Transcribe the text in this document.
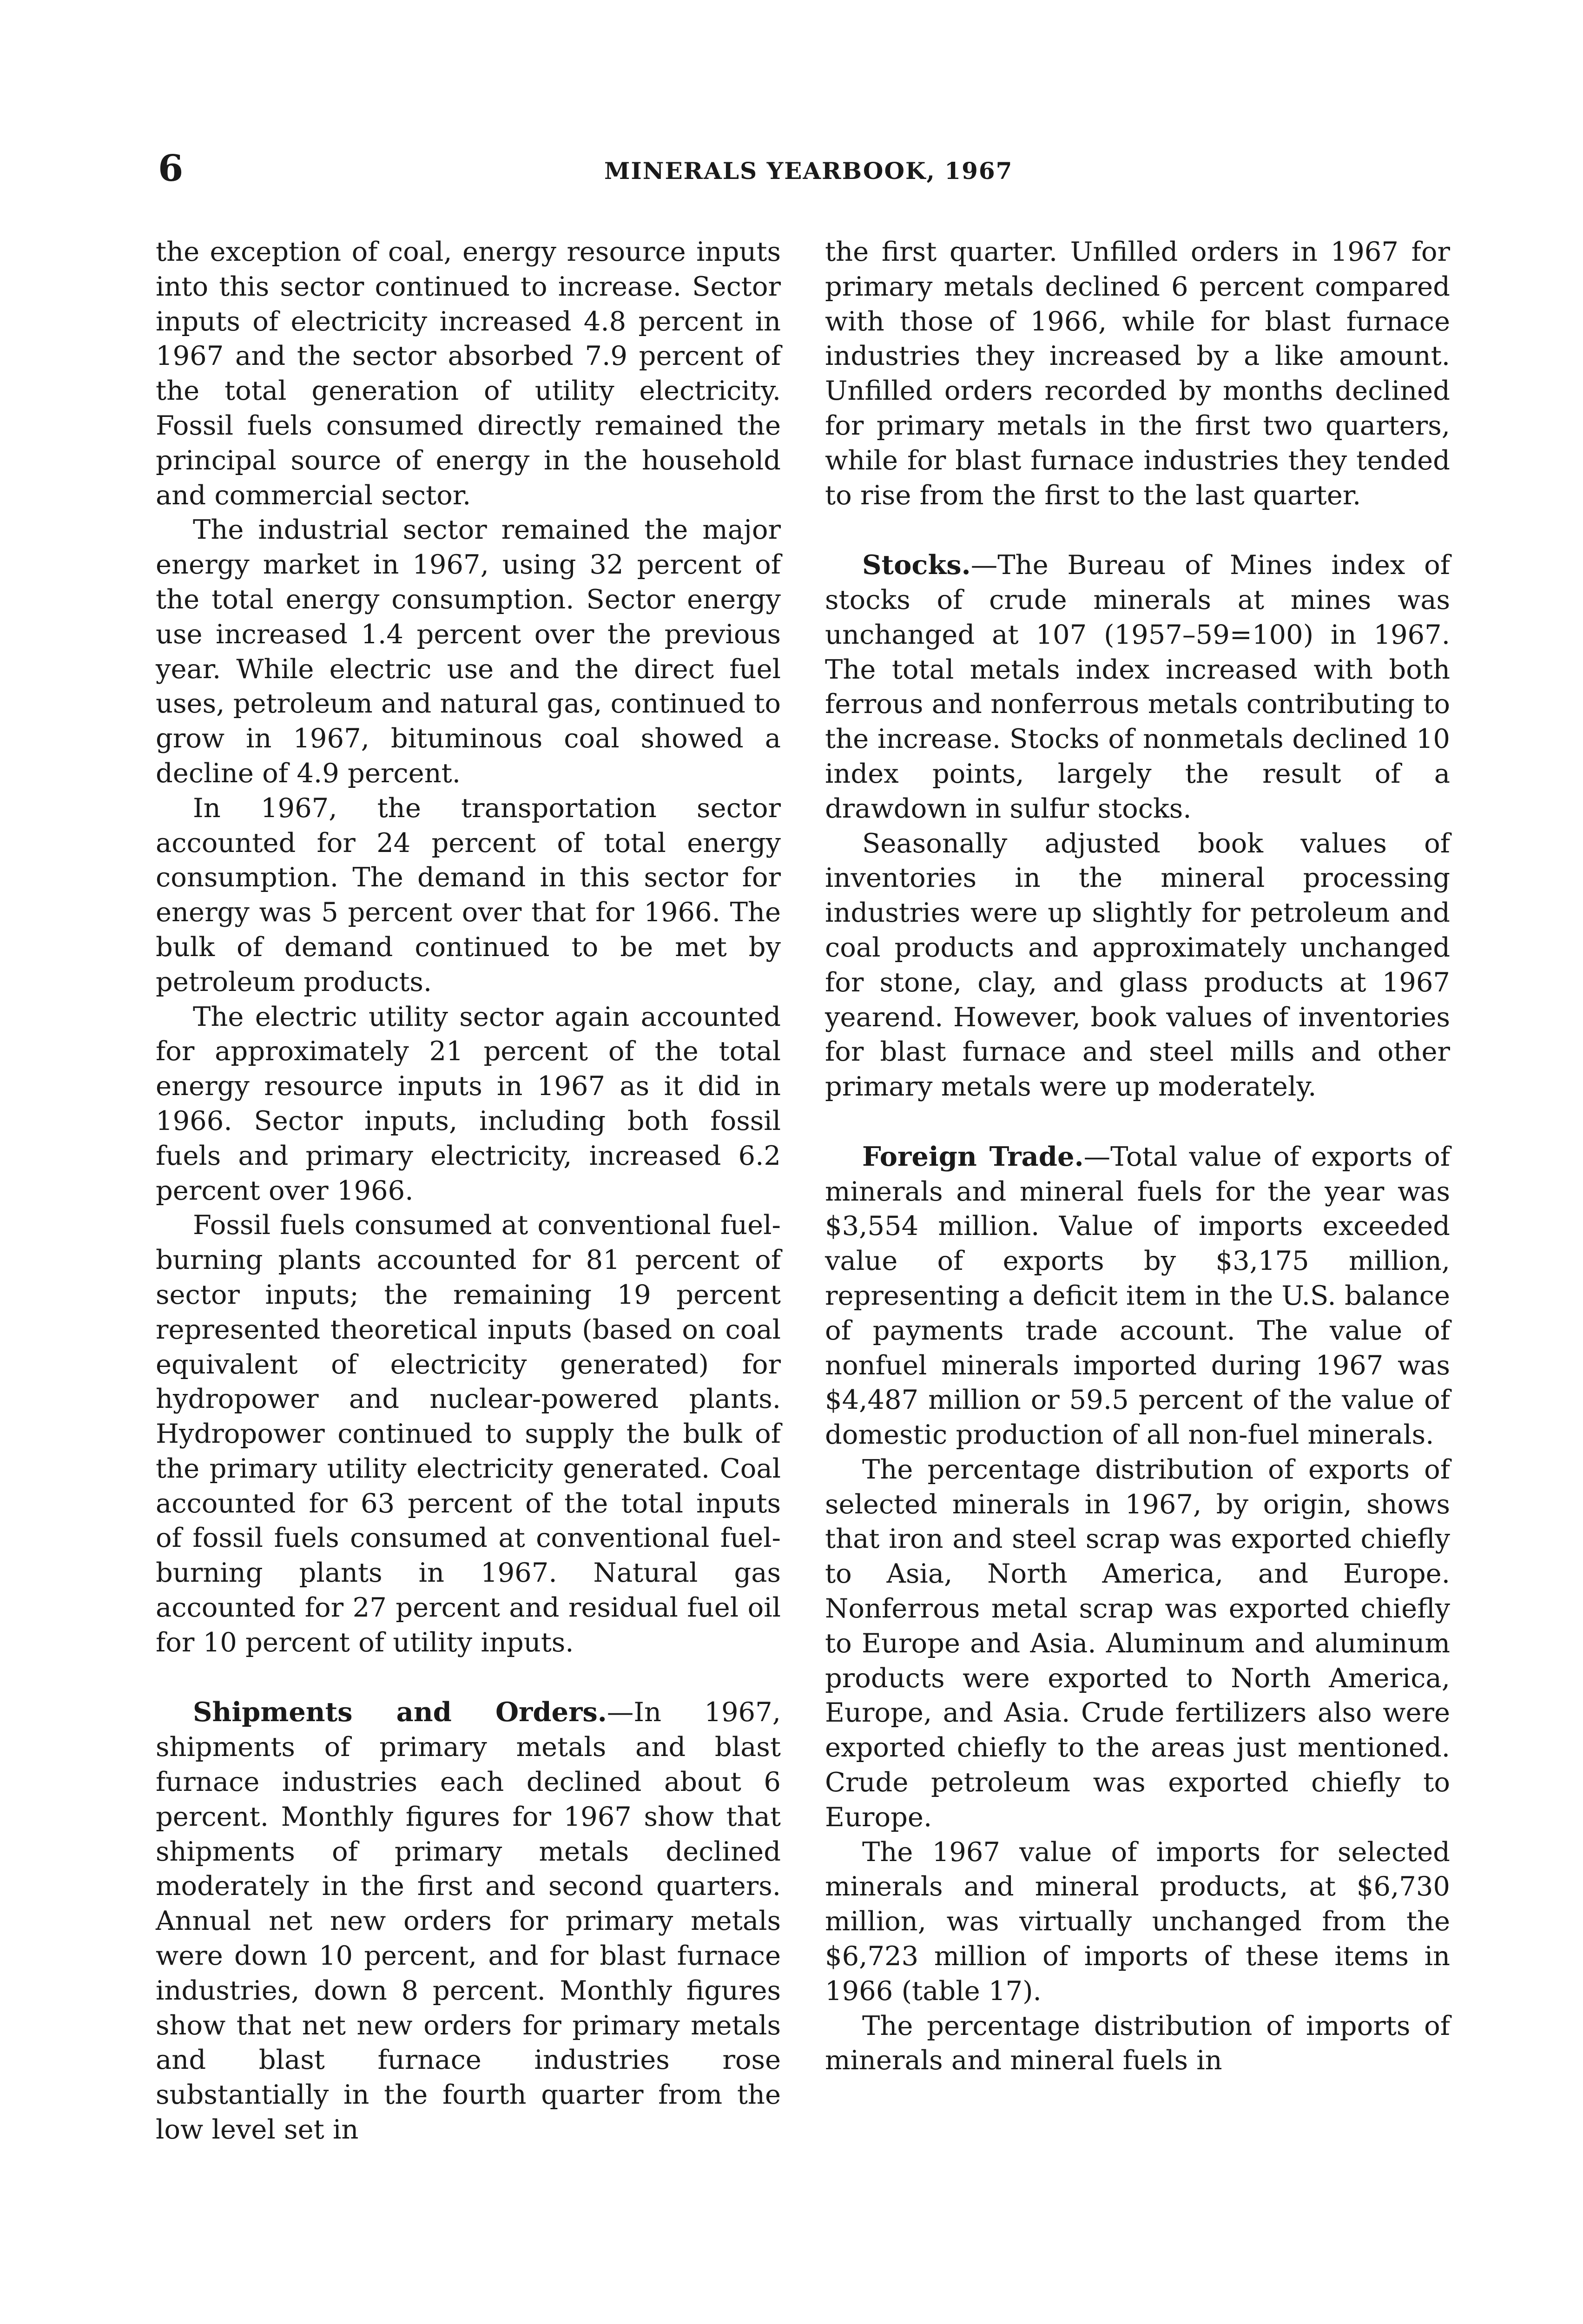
6	MINERALS YEARBOOK, 1967

the exception of coal, energy resource inputs into this sector continued to increase. Sector inputs of electricity increased 4.8 percent in 1967 and the sector absorbed 7.9 percent of the total generation of utility electricity. Fossil fuels consumed directly remained the principal source of energy in the household and commercial sector.

The industrial sector remained the major energy market in 1967, using 32 percent of the total energy consumption. Sector energy use increased 1.4 percent over the previous year. While electric use and the direct fuel uses, petroleum and natural gas, continued to grow in 1967, bituminous coal showed a decline of 4.9 percent.

In 1967, the transportation sector accounted for 24 percent of total energy consumption. The demand in this sector for energy was 5 percent over that for 1966. The bulk of demand continued to be met by petroleum products.

The electric utility sector again accounted for approximately 21 percent of the total energy resource inputs in 1967 as it did in 1966. Sector inputs, including both fossil fuels and primary electricity, increased 6.2 percent over 1966.

Fossil fuels consumed at conventional fuel-burning plants accounted for 81 percent of sector inputs; the remaining 19 percent represented theoretical inputs (based on coal equivalent of electricity generated) for hydropower and nuclear-powered plants. Hydropower continued to supply the bulk of the primary utility electricity generated. Coal accounted for 63 percent of the total inputs of fossil fuels consumed at conventional fuel-burning plants in 1967. Natural gas accounted for 27 percent and residual fuel oil for 10 percent of utility inputs.

Shipments and Orders.—In 1967, shipments of primary metals and blast furnace industries each declined about 6 percent. Monthly figures for 1967 show that shipments of primary metals declined moderately in the first and second quarters. Annual net new orders for primary metals were down 10 percent, and for blast furnace industries, down 8 percent. Monthly figures show that net new orders for primary metals and blast furnace industries rose substantially in the fourth quarter from the low level set in

the first quarter. Unfilled orders in 1967 for primary metals declined 6 percent compared with those of 1966, while for blast furnace industries they increased by a like amount. Unfilled orders recorded by months declined for primary metals in the first two quarters, while for blast furnace industries they tended to rise from the first to the last quarter.

Stocks.—The Bureau of Mines index of stocks of crude minerals at mines was unchanged at 107 (1957–59=100) in 1967. The total metals index increased with both ferrous and nonferrous metals contributing to the increase. Stocks of nonmetals declined 10 index points, largely the result of a drawdown in sulfur stocks.

Seasonally adjusted book values of inventories in the mineral processing industries were up slightly for petroleum and coal products and approximately unchanged for stone, clay, and glass products at 1967 yearend. However, book values of inventories for blast furnace and steel mills and other primary metals were up moderately.

Foreign Trade.—Total value of exports of minerals and mineral fuels for the year was $3,554 million. Value of imports exceeded value of exports by $3,175 million, representing a deficit item in the U.S. balance of payments trade account. The value of nonfuel minerals imported during 1967 was $4,487 million or 59.5 percent of the value of domestic production of all non-fuel minerals.

The percentage distribution of exports of selected minerals in 1967, by origin, shows that iron and steel scrap was exported chiefly to Asia, North America, and Europe. Nonferrous metal scrap was exported chiefly to Europe and Asia. Aluminum and aluminum products were exported to North America, Europe, and Asia. Crude fertilizers also were exported chiefly to the areas just mentioned. Crude petroleum was exported chiefly to Europe.

The 1967 value of imports for selected minerals and mineral products, at $6,730 million, was virtually unchanged from the $6,723 million of imports of these items in 1966 (table 17).

The percentage distribution of imports of minerals and mineral fuels in
